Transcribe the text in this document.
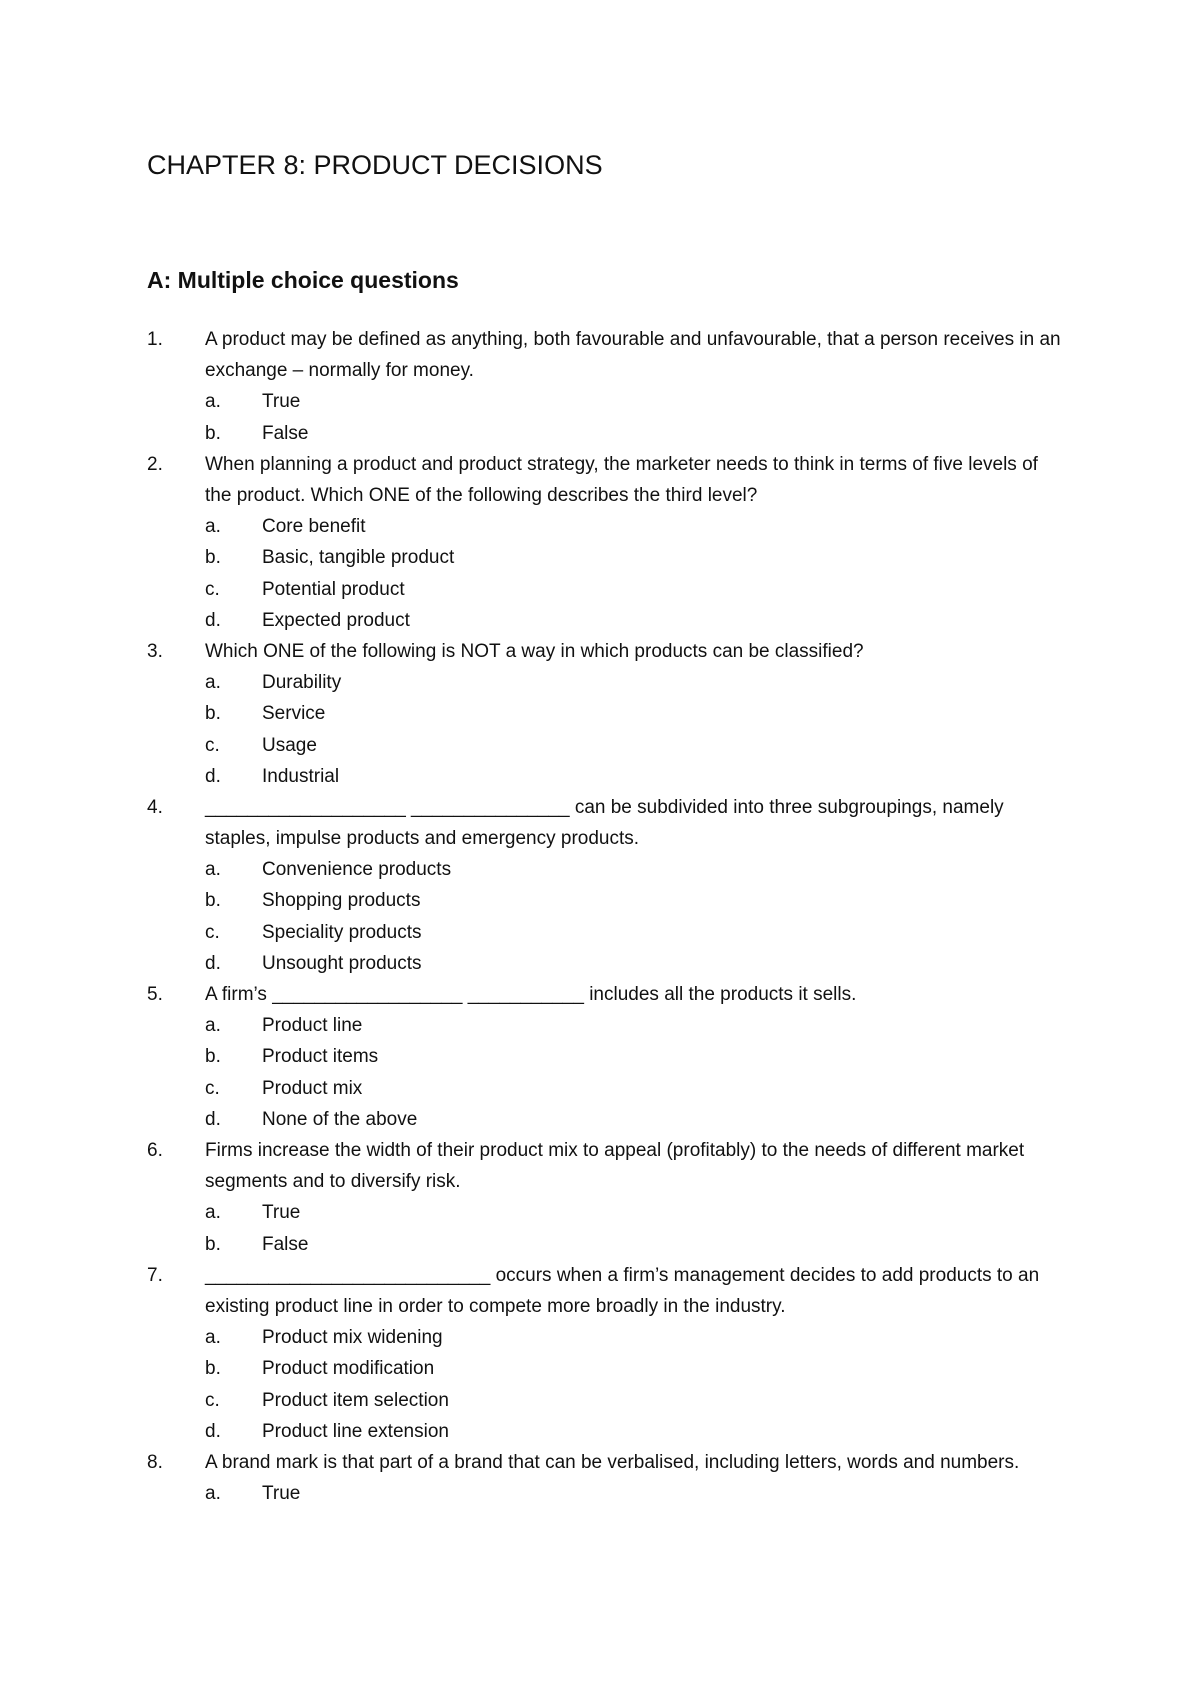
CHAPTER 8: PRODUCT DECISIONS
A: Multiple choice questions
1.	A product may be defined as anything, both favourable and unfavourable, that a person receives in an exchange – normally for money.
a. True
b. False
2.	When planning a product and product strategy, the marketer needs to think in terms of five levels of the product. Which ONE of the following describes the third level?
a. Core benefit
b. Basic, tangible product
c. Potential product
d. Expected product
3.	Which ONE of the following is NOT a way in which products can be classified?
a. Durability
b. Service
c. Usage
d. Industrial
4.	___________________ _______________ can be subdivided into three subgroupings, namely staples, impulse products and emergency products.
a. Convenience products
b. Shopping products
c. Speciality products
d. Unsought products
5.	A firm’s __________________ ___________ includes all the products it sells.
a. Product line
b. Product items
c. Product mix
d. None of the above
6.	Firms increase the width of their product mix to appeal (profitably) to the needs of different market segments and to diversify risk.
a. True
b. False
7.	___________________________ occurs when a firm’s management decides to add products to an existing product line in order to compete more broadly in the industry.
a. Product mix widening
b. Product modification
c. Product item selection
d. Product line extension
8.	A brand mark is that part of a brand that can be verbalised, including letters, words and numbers.
a. True
